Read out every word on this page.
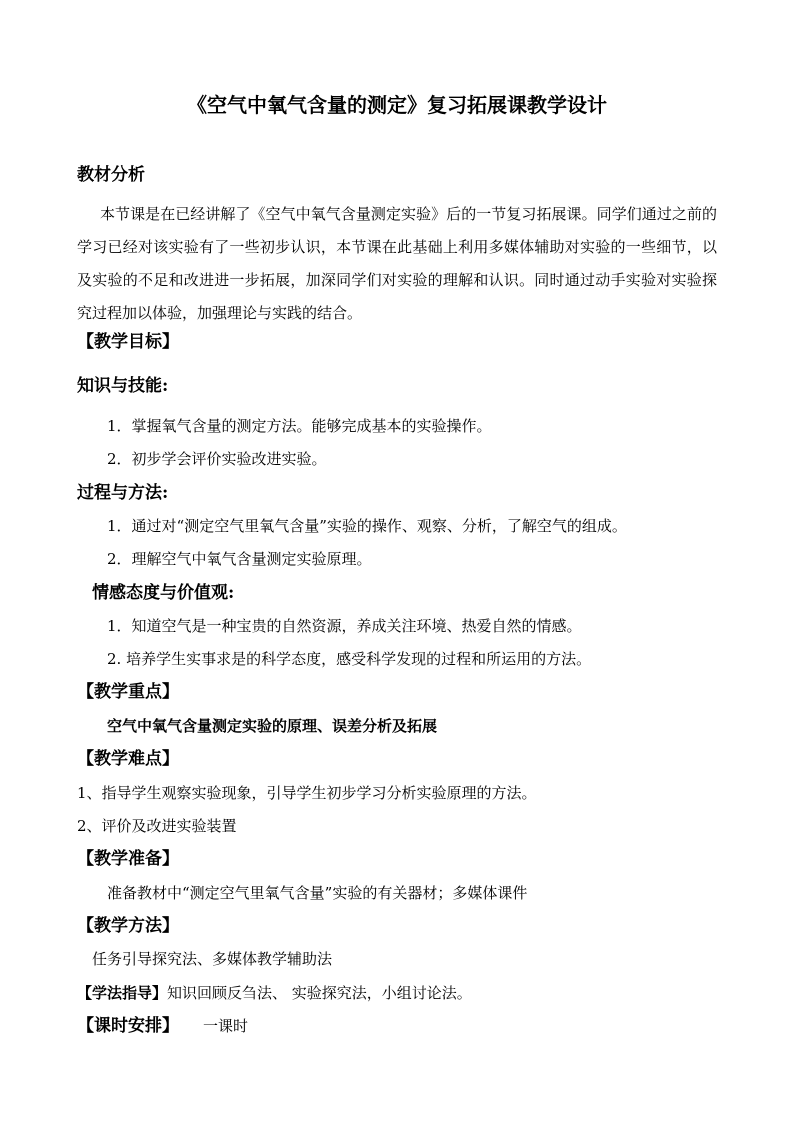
《空气中氧气含量的测定》复习拓展课教学设计
教材分析
本节课是在已经讲解了《空气中氧气含量测定实验》后的一节复习拓展课。同学们通过之前的学习已经对该实验有了一些初步认识，本节课在此基础上利用多媒体辅助对实验的一些细节，以及实验的不足和改进进一步拓展，加深同学们对实验的理解和认识。同时通过动手实验对实验探究过程加以体验，加强理论与实践的结合。
【教学目标】
知识与技能:
1．掌握氧气含量的测定方法。能够完成基本的实验操作。
2．初步学会评价实验改进实验。
过程与方法:
1．通过对“测定空气里氧气含量”实验的操作、观察、分析，了解空气的组成。
2．理解空气中氧气含量测定实验原理。
情感态度与价值观:
1．知道空气是一种宝贵的自然资源，养成关注环境、热爱自然的情感。
2. 培养学生实事求是的科学态度，感受科学发现的过程和所运用的方法。
【教学重点】
空气中氧气含量测定实验的原理、误差分析及拓展
【教学难点】
1、指导学生观察实验现象，引导学生初步学习分析实验原理的方法。
2、评价及改进实验装置
【教学准备】
准备教材中“测定空气里氧气含量”实验的有关器材；多媒体课件
【教学方法】
任务引导探究法、多媒体教学辅助法
【学法指导】知识回顾反刍法、 实验探究法，小组讨论法。
【课时安排】 一课时
